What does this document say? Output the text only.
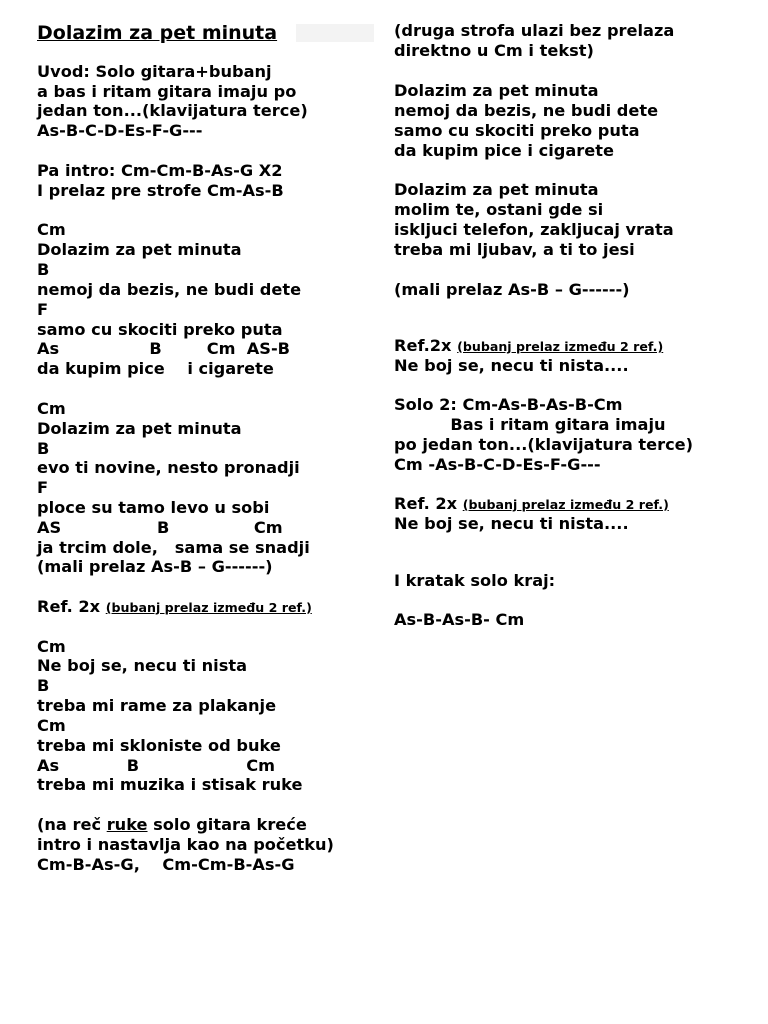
Dolazim za pet minuta
Uvod: Solo gitara+bubanj
a bas i ritam gitara imaju po
jedan ton...(klavijatura terce)
As-B-C-D-Es-F-G---
Pa intro: Cm-Cm-B-As-G X2
I prelaz pre strofe Cm-As-B
Cm
Dolazim za pet minuta
B
nemoj da bezis, ne budi dete
F
samo cu skociti preko puta
As                B        Cm  AS-B
da kupim pice    i cigarete
Cm
Dolazim za pet minuta
B
evo ti novine, nesto pronadji
F
ploce su tamo levo u sobi
AS                 B               Cm
ja trcim dole,   sama se snadji
(mali prelaz As-B – G------)
Ref. 2x (bubanj prelaz između 2 ref.)
Cm
Ne boj se, necu ti nista
B
treba mi rame za plakanje
Cm
treba mi skloniste od buke
As            B                   Cm
treba mi muzika i stisak ruke
(na reč ruke solo gitara kreće
intro i nastavlja kao na početku)
Cm-B-As-G,    Cm-Cm-B-As-G
(druga strofa ulazi bez prelaza
direktno u Cm i tekst)
Dolazim za pet minuta
nemoj da bezis, ne budi dete
samo cu skociti preko puta
da kupim pice i cigarete
Dolazim za pet minuta
molim te, ostani gde si
iskljuci telefon, zakljucaj vrata
treba mi ljubav, a ti to jesi
(mali prelaz As-B – G------)
Ref.2x (bubanj prelaz između 2 ref.)
Ne boj se, necu ti nista....
Solo 2: Cm-As-B-As-B-Cm
Bas i ritam gitara imaju
po jedan ton...(klavijatura terce)
Cm -As-B-C-D-Es-F-G---
Ref. 2x (bubanj prelaz između 2 ref.)
Ne boj se, necu ti nista....
I kratak solo kraj:
As-B-As-B- Cm
